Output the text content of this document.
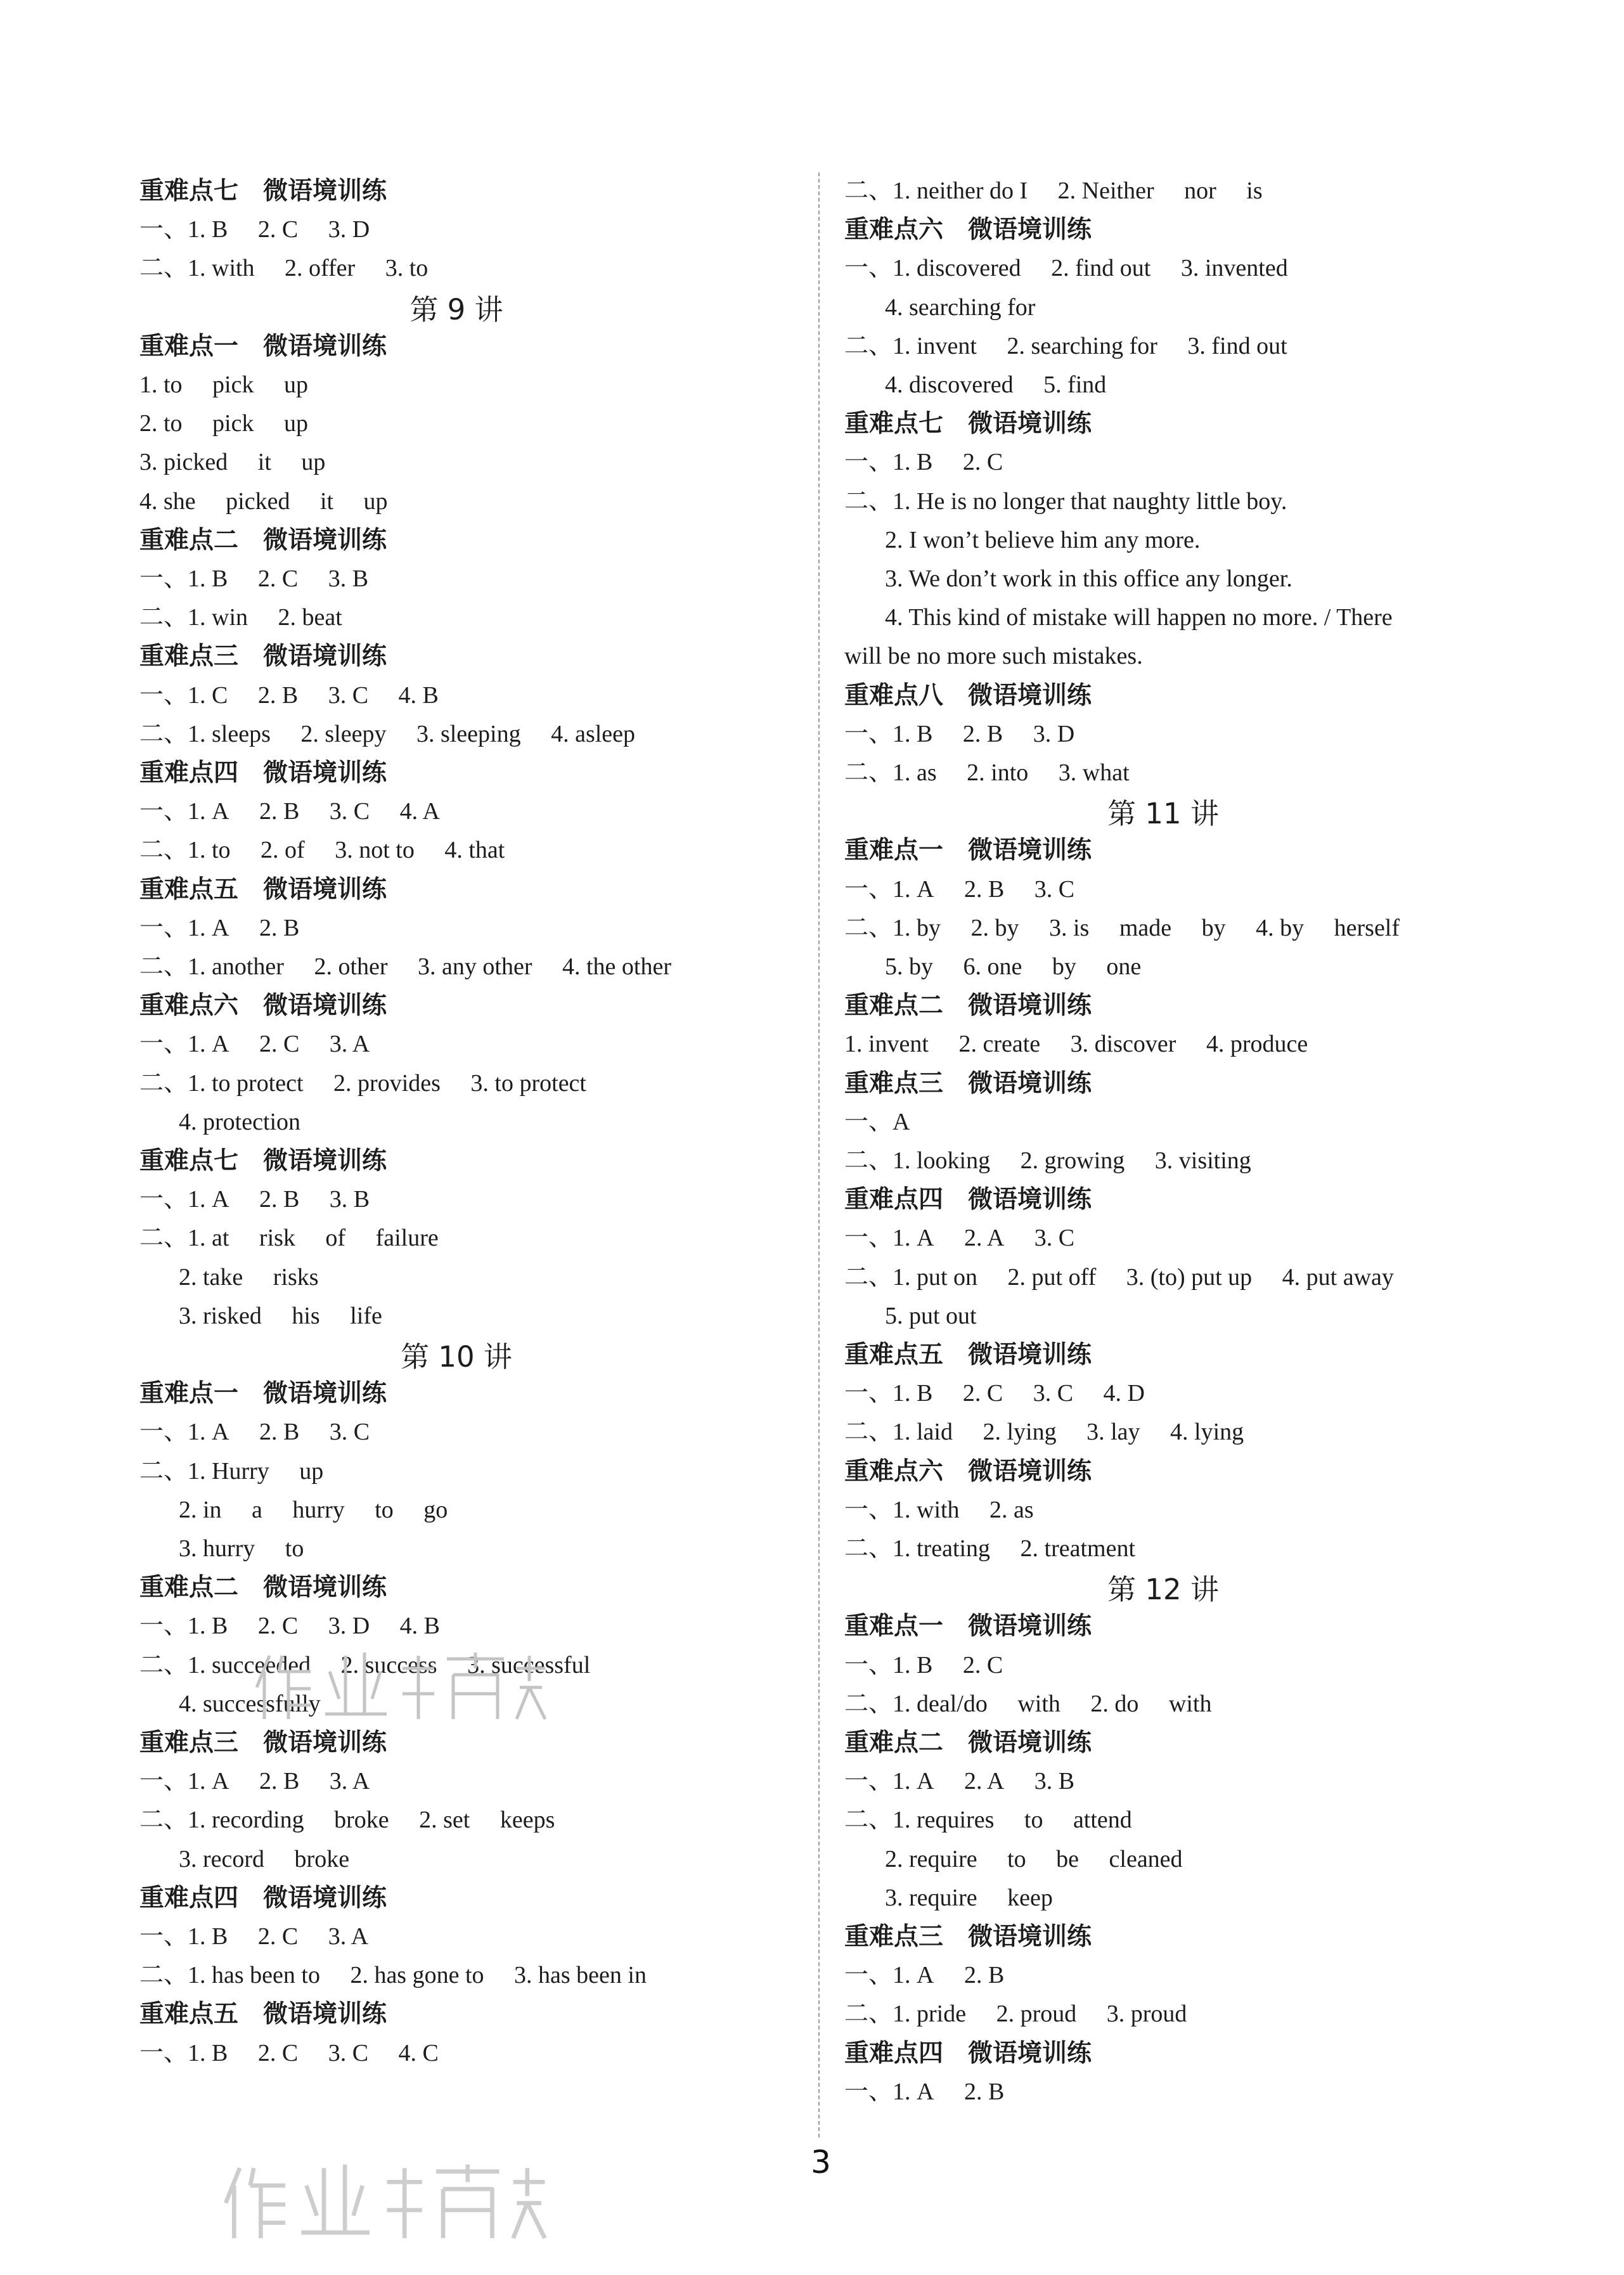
重难点七　微语境训练
一、1. B  2. C  3. D
二、1. with  2. offer  3. to
第 9 讲
重难点一　微语境训练
1. to  pick  up
2. to  pick  up
3. picked  it  up
4. she  picked  it  up
重难点二　微语境训练
一、1. B  2. C  3. B
二、1. win  2. beat
重难点三　微语境训练
一、1. C  2. B  3. C  4. B
二、1. sleeps  2. sleepy  3. sleeping  4. asleep
重难点四　微语境训练
一、1. A  2. B  3. C  4. A
二、1. to  2. of  3. not to  4. that
重难点五　微语境训练
一、1. A  2. B
二、1. another  2. other  3. any other  4. the other
重难点六　微语境训练
一、1. A  2. C  3. A
二、1. to protect  2. provides  3. to protect
4. protection
重难点七　微语境训练
一、1. A  2. B  3. B
二、1. at  risk  of  failure
2. take  risks
3. risked  his  life
第 10 讲
重难点一　微语境训练
一、1. A  2. B  3. C
二、1. Hurry  up
2. in  a  hurry  to  go
3. hurry  to
重难点二　微语境训练
一、1. B  2. C  3. D  4. B
二、1. succeeded  2. success  3. successful
4. successfully
重难点三　微语境训练
一、1. A  2. B  3. A
二、1. recording  broke  2. set  keeps
3. record  broke
重难点四　微语境训练
一、1. B  2. C  3. A
二、1. has been to  2. has gone to  3. has been in
重难点五　微语境训练
一、1. B  2. C  3. C  4. C
二、1. neither do I  2. Neither  nor  is
重难点六　微语境训练
一、1. discovered  2. find out  3. invented
4. searching for
二、1. invent  2. searching for  3. find out
4. discovered  5. find
重难点七　微语境训练
一、1. B  2. C
二、1. He is no longer that naughty little boy.
2. I won’t believe him any more.
3. We don’t work in this office any longer.
4. This kind of mistake will happen no more. / There
will be no more such mistakes.
重难点八　微语境训练
一、1. B  2. B  3. D
二、1. as  2. into  3. what
第 11 讲
重难点一　微语境训练
一、1. A  2. B  3. C
二、1. by  2. by  3. is  made  by  4. by  herself
5. by  6. one  by  one
重难点二　微语境训练
1. invent  2. create  3. discover  4. produce
重难点三　微语境训练
一、A
二、1. looking  2. growing  3. visiting
重难点四　微语境训练
一、1. A  2. A  3. C
二、1. put on  2. put off  3. (to) put up  4. put away
5. put out
重难点五　微语境训练
一、1. B  2. C  3. C  4. D
二、1. laid  2. lying  3. lay  4. lying
重难点六　微语境训练
一、1. with  2. as
二、1. treating  2. treatment
第 12 讲
重难点一　微语境训练
一、1. B  2. C
二、1. deal/do  with  2. do  with
重难点二　微语境训练
一、1. A  2. A  3. B
二、1. requires  to  attend
2. require  to  be  cleaned
3. require  keep
重难点三　微语境训练
一、1. A  2. B
二、1. pride  2. proud  3. proud
重难点四　微语境训练
一、1. A  2. B
3
